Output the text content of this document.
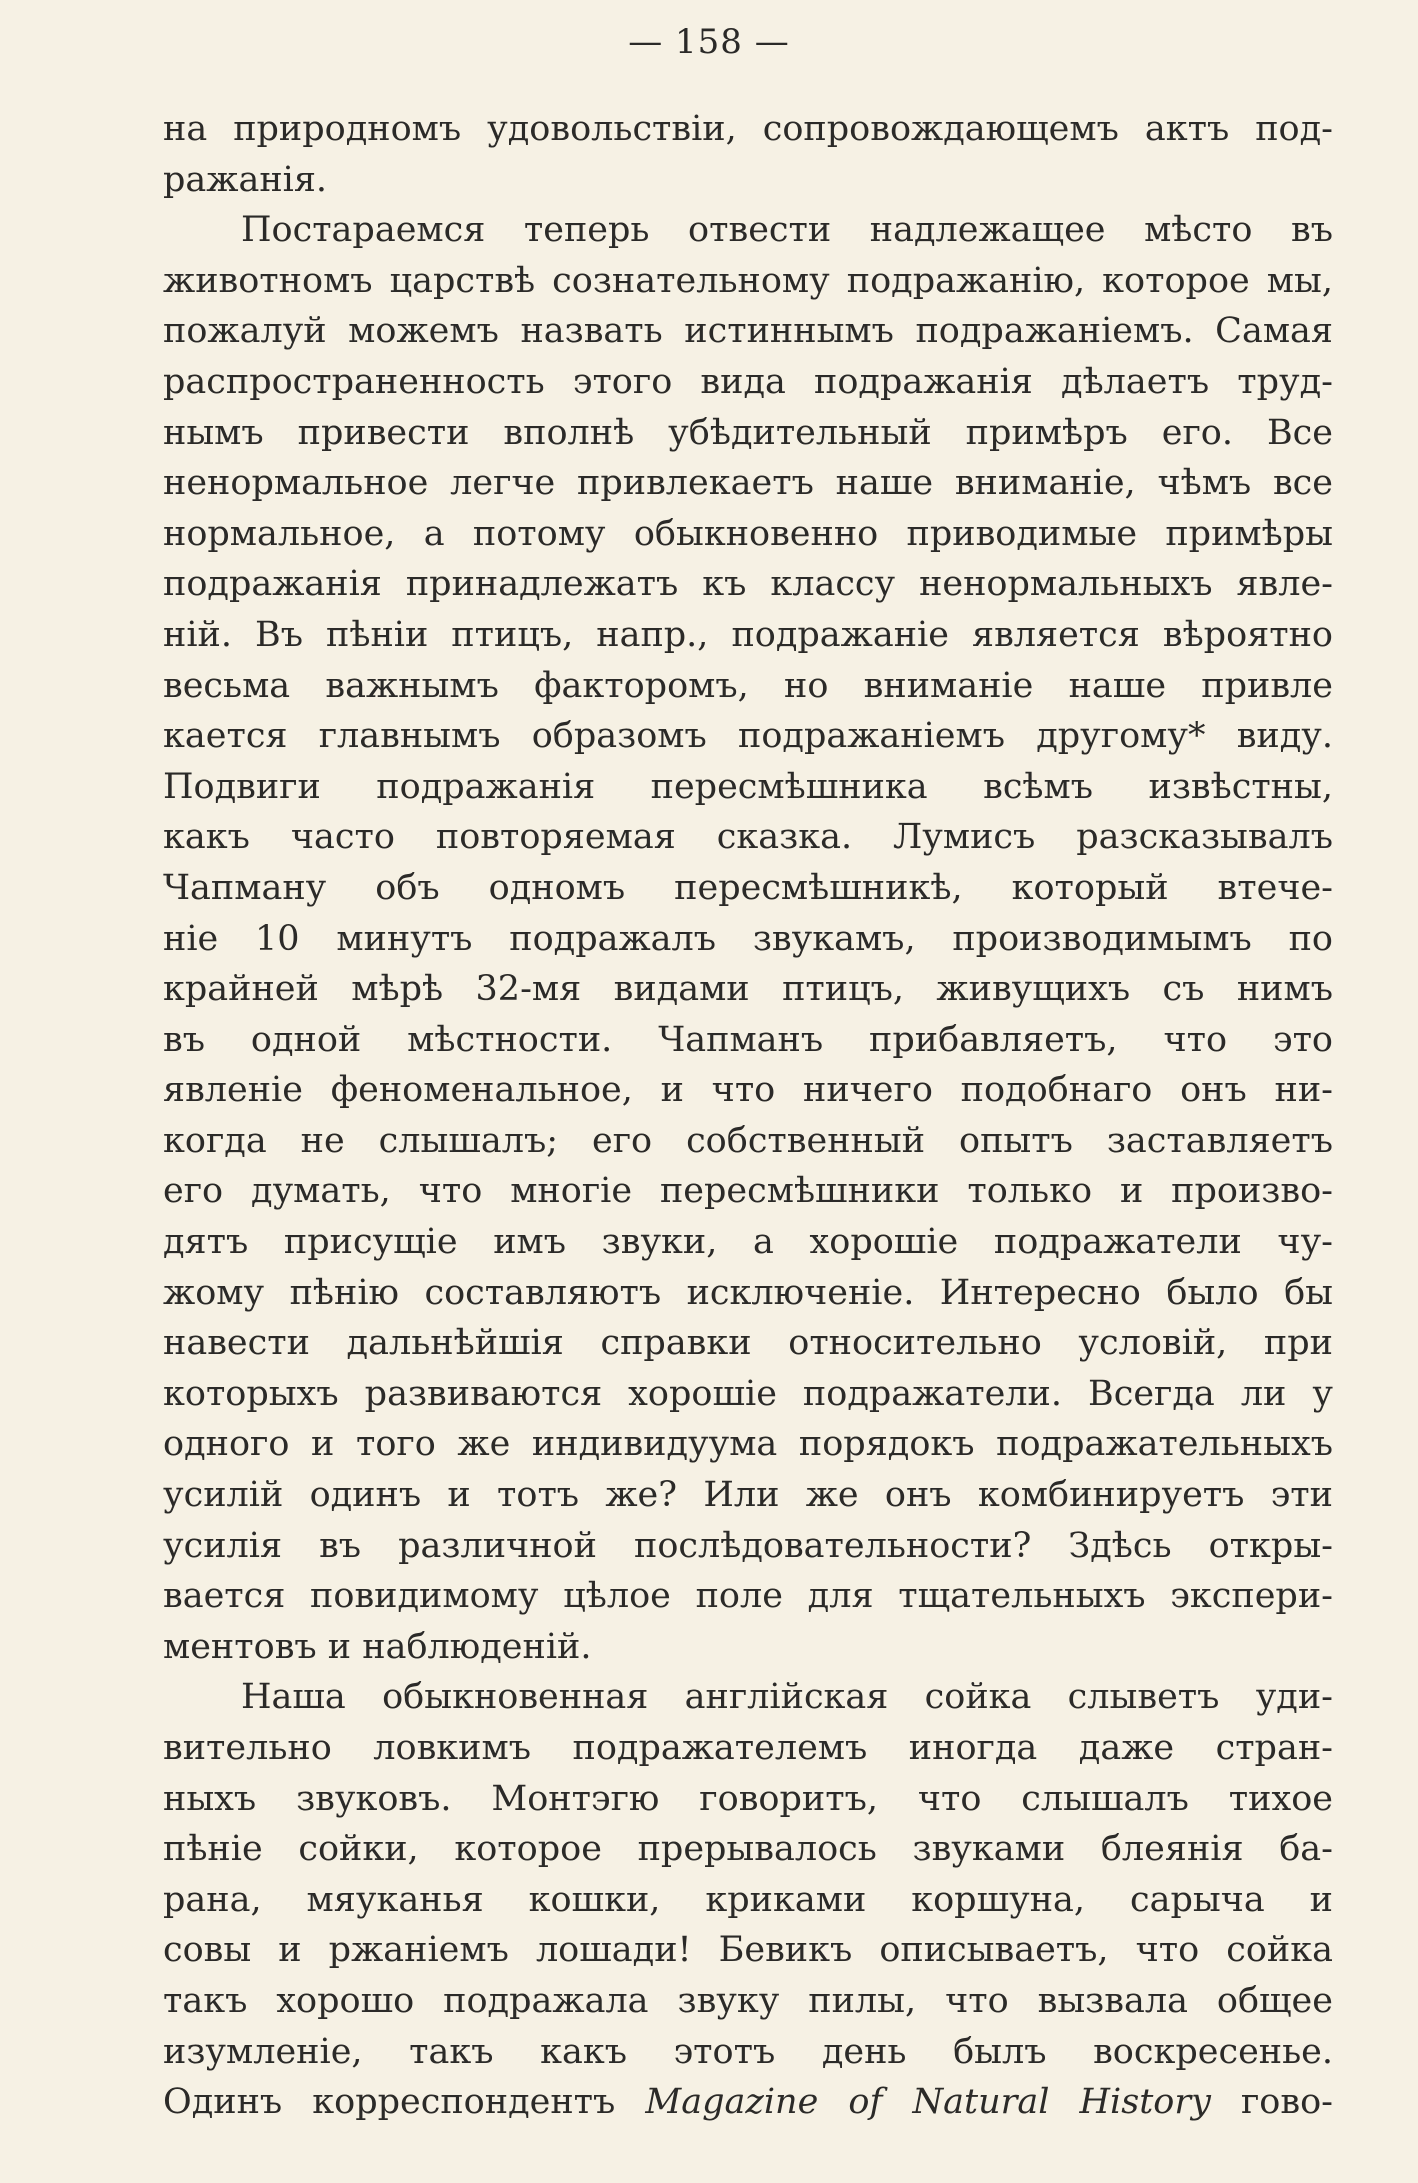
— 158 —
на природномъ удовольствіи, сопровождающемъ актъ под-
ражанія.
Постараемся теперь отвести надлежащее мѣсто въ
животномъ царствѣ сознательному подражанію, которое мы,
пожалуй можемъ назвать истиннымъ подражаніемъ. Самая
распространенность этого вида подражанія дѣлаетъ труд-
нымъ привести вполнѣ убѣдительный примѣръ его. Все
ненормальное легче привлекаетъ наше вниманіе, чѣмъ все
нормальное, а потому обыкновенно приводимые примѣры
подражанія принадлежатъ къ классу ненормальныхъ явле-
ній. Въ пѣніи птицъ, напр., подражаніе является вѣроятно
весьма важнымъ факторомъ, но вниманіе наше привле
кается главнымъ образомъ подражаніемъ другому* виду.
Подвиги подражанія пересмѣшника всѣмъ извѣстны,
какъ часто повторяемая сказка. Лумисъ разсказывалъ
Чапману объ одномъ пересмѣшникѣ, который втече-
ніе 10 минутъ подражалъ звукамъ, производимымъ по
крайней мѣрѣ 32-мя видами птицъ, живущихъ съ нимъ
въ одной мѣстности. Чапманъ прибавляетъ, что это
явленіе феноменальное, и что ничего подобнаго онъ ни-
когда не слышалъ; его собственный опытъ заставляетъ
его думать, что многіе пересмѣшники только и произво-
дятъ присущіе имъ звуки, а хорошіе подражатели чу-
жому пѣнію составляютъ исключеніе. Интересно было бы
навести дальнѣйшія справки относительно условій, при
которыхъ развиваются хорошіе подражатели. Всегда ли у
одного и того же индивидуума порядокъ подражательныхъ
усилій одинъ и тотъ же? Или же онъ комбинируетъ эти
усилія въ различной послѣдовательности? Здѣсь откры-
вается повидимому цѣлое поле для тщательныхъ экспери-
ментовъ и наблюденій.
Наша обыкновенная англійская сойка слыветъ уди-
вительно ловкимъ подражателемъ иногда даже стран-
ныхъ звуковъ. Монтэгю говоритъ, что слышалъ тихое
пѣніе сойки, которое прерывалось звуками блеянія ба-
рана, мяуканья кошки, криками коршуна, сарыча и
совы и ржаніемъ лошади! Бевикъ описываетъ, что сойка
такъ хорошо подражала звуку пилы, что вызвала общее
изумленіе, такъ какъ этотъ день былъ воскресенье.
Одинъ корреспондентъ Magazine of Natural History гово-
